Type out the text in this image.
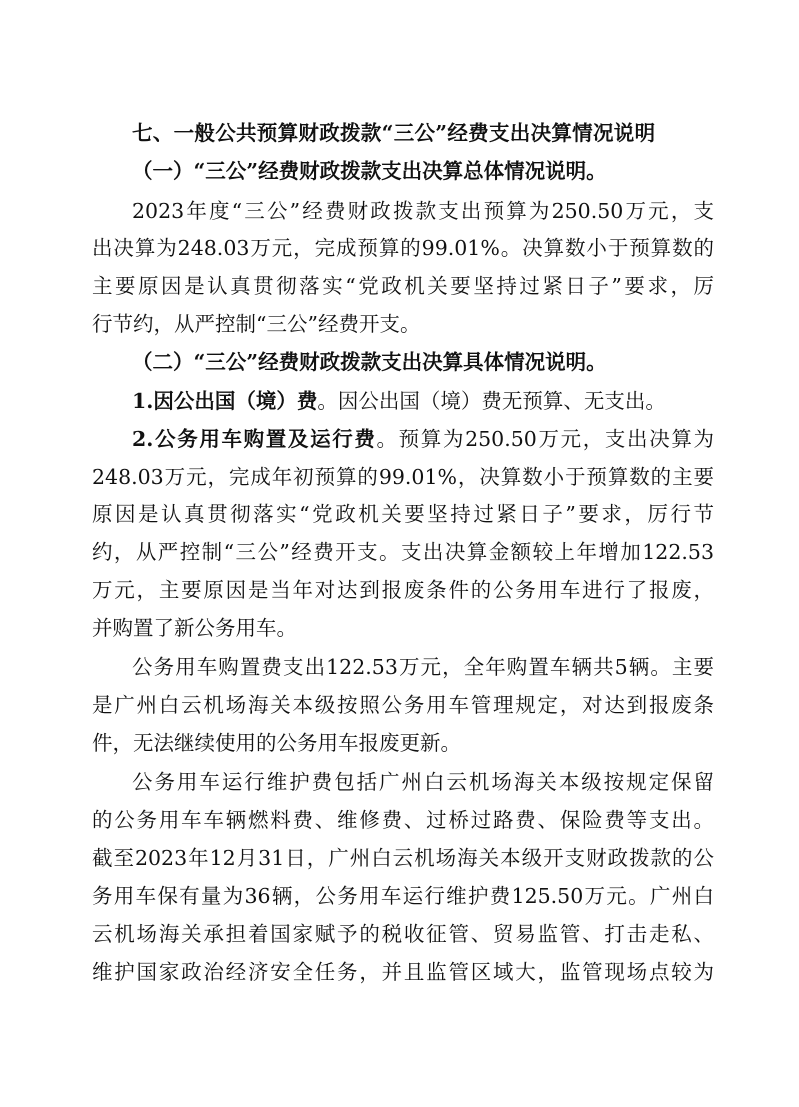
七、一般公共预算财政拨款“三公”经费支出决算情况说明
（一）“三公”经费财政拨款支出决算总体情况说明。
2023年度“三公”经费财政拨款支出预算为250.50万元，支
出决算为248.03万元，完成预算的99.01%。决算数小于预算数的
主要原因是认真贯彻落实“党政机关要坚持过紧日子”要求，厉
行节约，从严控制“三公”经费开支。
（二）“三公”经费财政拨款支出决算具体情况说明。
1.因公出国（境）费。因公出国（境）费无预算、无支出。
2.公务用车购置及运行费。预算为250.50万元，支出决算为
248.03万元，完成年初预算的99.01%，决算数小于预算数的主要
原因是认真贯彻落实“党政机关要坚持过紧日子”要求，厉行节
约，从严控制“三公”经费开支。支出决算金额较上年增加122.53
万元，主要原因是当年对达到报废条件的公务用车进行了报废，
并购置了新公务用车。
公务用车购置费支出122.53万元，全年购置车辆共5辆。主要
是广州白云机场海关本级按照公务用车管理规定，对达到报废条
件，无法继续使用的公务用车报废更新。
公务用车运行维护费包括广州白云机场海关本级按规定保留
的公务用车车辆燃料费、维修费、过桥过路费、保险费等支出。
截至2023年12月31日，广州白云机场海关本级开支财政拨款的公
务用车保有量为36辆，公务用车运行维护费125.50万元。广州白
云机场海关承担着国家赋予的税收征管、贸易监管、打击走私、
维护国家政治经济安全任务，并且监管区域大，监管现场点较为
